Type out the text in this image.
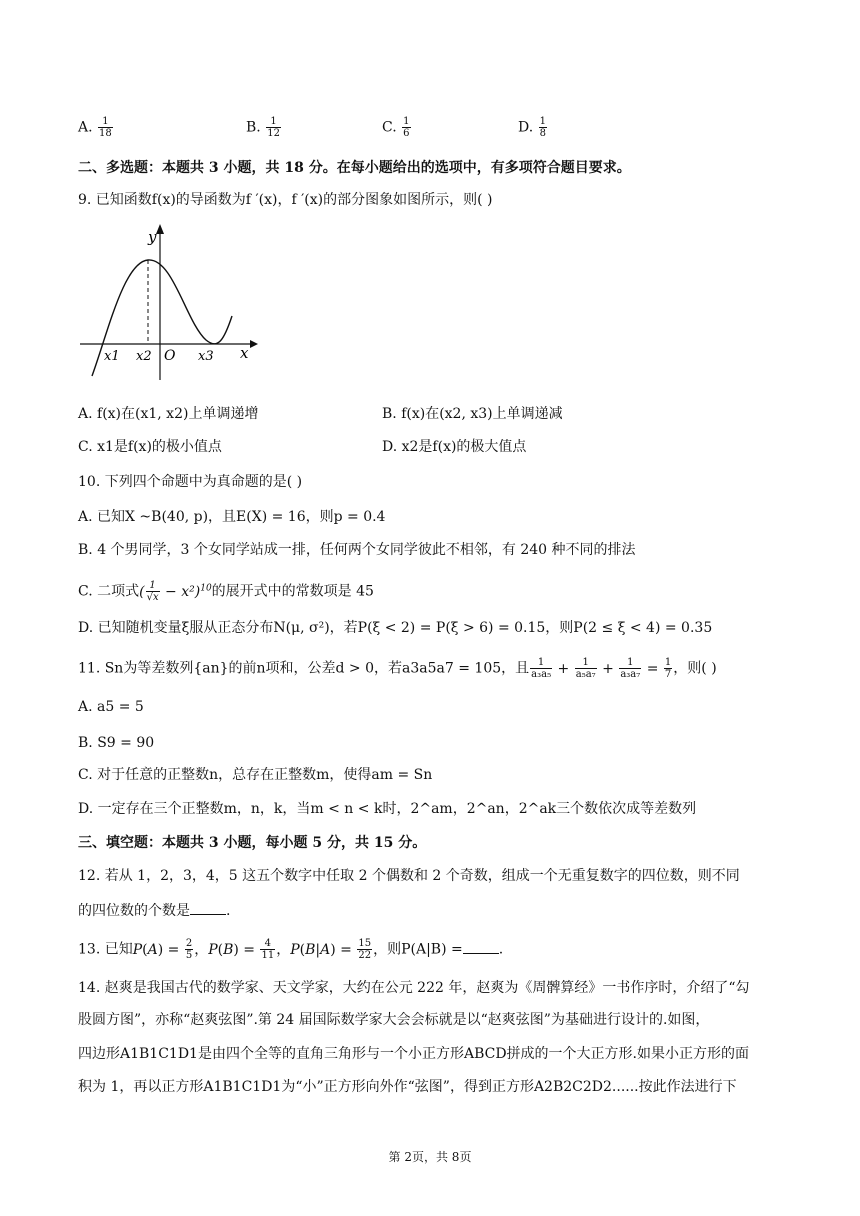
A. $\frac{1}{18}$	B. $\frac{1}{12}$	C. $\frac{1}{6}$	D. $\frac{1}{8}$
二、多选题：本题共 3 小题，共 18 分。在每小题给出的选项中，有多项符合题目要求。
9. 已知函数f(x)的导函数为f ′(x)，f ′(x)的部分图象如图所示，则( )
y
x
x1 x2 O x3
A. f(x)在(x1, x2)上单调递增	B. f(x)在(x2, x3)上单调递减
C. x1是f(x)的极小值点	D. x2是f(x)的极大值点
10. 下列四个命题中为真命题的是( )
A. 已知X ~B(40, p)，且E(X) = 16，则p = 0.4
B. 4 个男同学，3 个女同学站成一排，任何两个女同学彼此不相邻，有 240 种不同的排法
C. 二项式( $\frac{1}{√x} - x^2)^{10}$的展开式中的常数项是 45
D. 已知随机变量ξ服从正态分布N(μ, σ²)，若P(ξ < 2) = P(ξ > 6) = 0.15，则P(2 ≤ ξ < 4) = 0.35
11. Sn为等差数列{an}的前n项和，公差d > 0，若a3a5a7 = 105，且 $\frac{1}{\text{a₃a₅}} + \frac{1}{\text{a₅a₇}} + \frac{1}{\text{a₃a₇}} = \frac{1}{7}$ ，则( )
A. a5 = 5
B. S9 = 90
C. 对于任意的正整数n，总存在正整数m，使得am = Sn
D. 一定存在三个正整数m，n，k，当m < n < k时，2^am，2^an，2^ak三个数依次成等差数列
三、填空题：本题共 3 小题，每小题 5 分，共 15 分。
12. 若从 1，2，3，4，5 这五个数字中任取 2 个偶数和 2 个奇数，组成一个无重复数字的四位数，则不同
的四位数的个数是	.
13. 已知$P(A) = \frac{2}{5}$ ，$P(B) = \frac{4}{11}$ ，$P(B|A) = \frac{15}{22}$ ，则P(A|B) =	.
14. 赵爽是我国古代的数学家、天文学家，大约在公元 222 年，赵爽为《周髀算经》一书作序时，介绍了“勾
股圆方图”，亦称“赵爽弦图”.第 24 届国际数学家大会会标就是以“赵爽弦图”为基础进行设计的.如图，
四边形A1B1C1D1是由四个全等的直角三角形与一个小正方形ABCD拼成的一个大正方形.如果小正方形的面
积为 1，再以正方形A1B1C1D1为“小”正方形向外作“弦图”，得到正方形A2B2C2D2......按此作法进行下
第 2页，共 8页
